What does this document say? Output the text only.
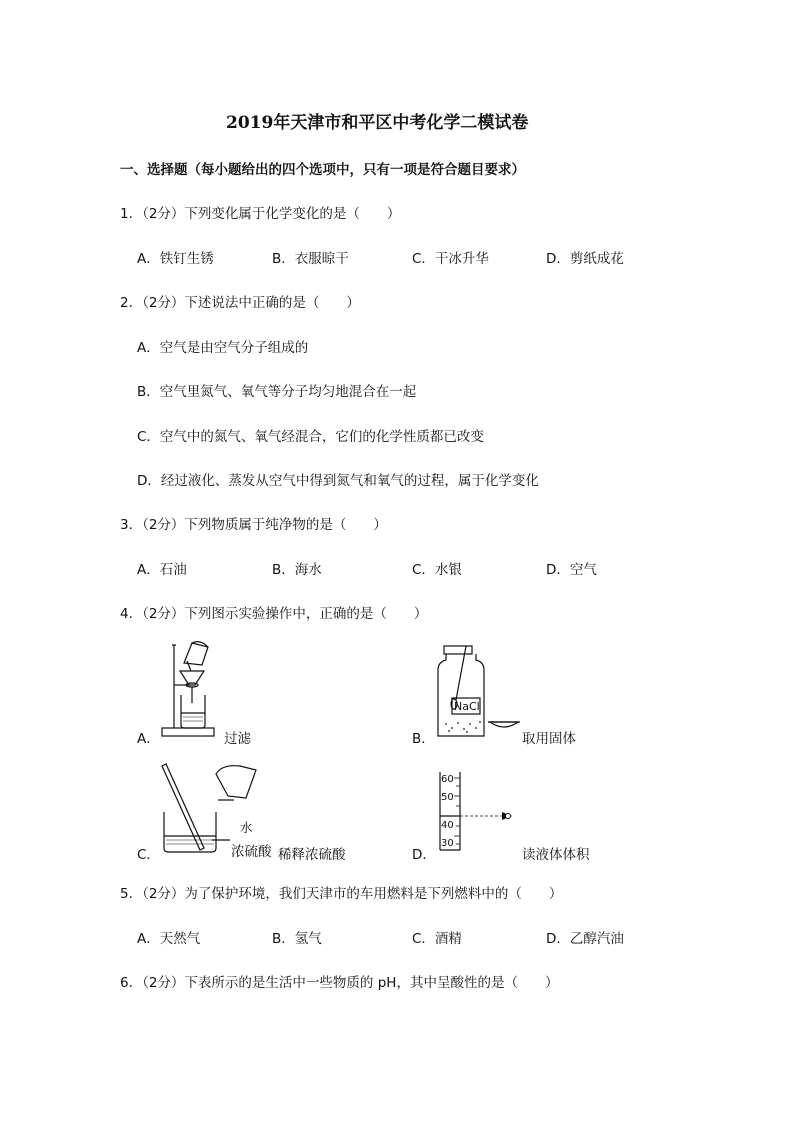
2019年天津市和平区中考化学二模试卷
一、选择题（每小题给出的四个选项中，只有一项是符合题目要求）
1．（2分）下列变化属于化学变化的是（　　）
A．铁钉生锈	B．衣服晾干	C．干冰升华	D．剪纸成花
2．（2分）下述说法中正确的是（　　）
A．空气是由空气分子组成的
B．空气里氮气、氧气等分子均匀地混合在一起
C．空气中的氮气、氧气经混合，它们的化学性质都已改变
D．经过液化、蒸发从空气中得到氮气和氧气的过程，属于化学变化
3．（2分）下列物质属于纯净物的是（　　）
A．石油	B．海水	C．水银	D．空气
4．（2分）下列图示实验操作中，正确的是（　　）
A．	过滤	B．
NaCl
取用固体
C．
水
浓硫酸 稀释浓硫酸	D．
60
50
40
30
读液体体积
5．（2分）为了保护环境，我们天津市的车用燃料是下列燃料中的（　　）
A．天然气	B．氢气	C．酒精	D．乙醇汽油
6．（2分）下表所示的是生活中一些物质的 pH，其中呈酸性的是（　　）
